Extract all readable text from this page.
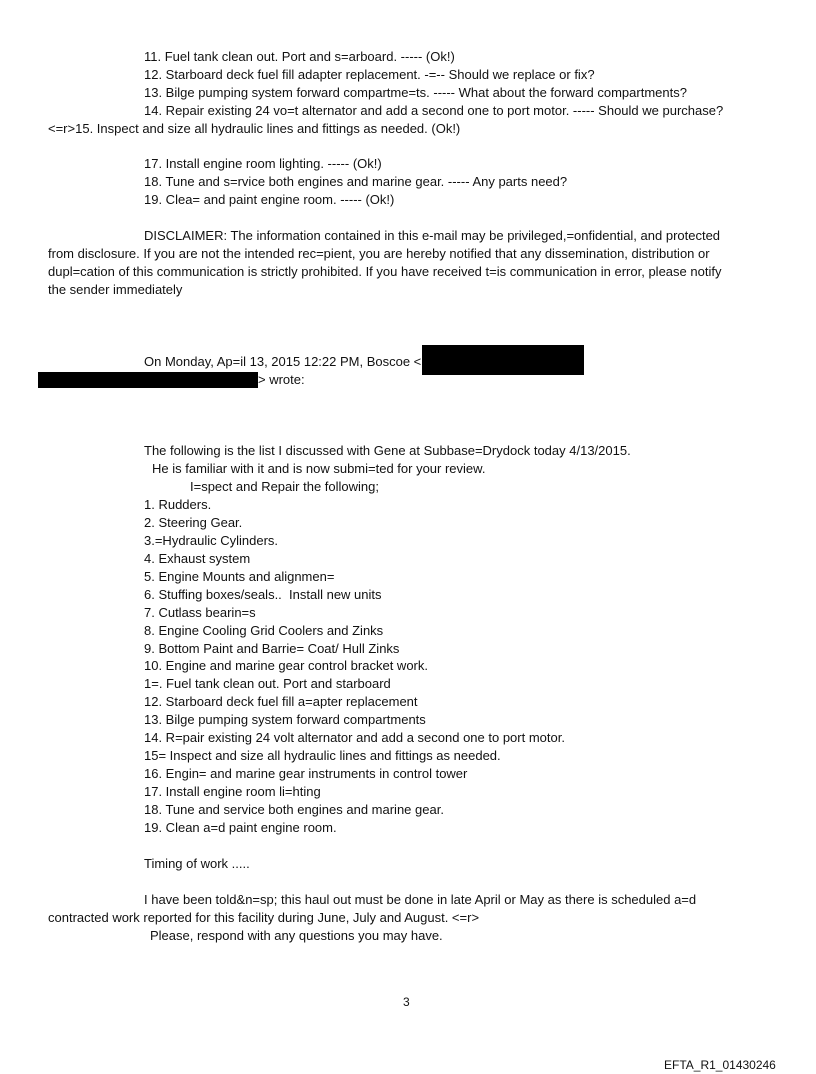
11. Fuel tank clean out. Port and s=arboard. ----- (Ok!)
12. Starboard deck fuel fill adapter replacement. -=-- Should we replace or fix?
13. Bilge pumping system forward compartme=ts. ----- What about the forward compartments?
14. Repair existing 24 vo=t alternator and add a second one to port motor. ----- Should we purchase?
<=r>15. Inspect and size all hydraulic lines and fittings as needed. (Ok!)
17. Install engine room lighting. ----- (Ok!)
18. Tune and s=rvice both engines and marine gear. ----- Any parts need?
19. Clea= and paint engine room. ----- (Ok!)
DISCLAIMER: The information contained in this e-mail may be privileged,=onfidential, and protected
from disclosure. If you are not the intended rec=pient, you are hereby notified that any dissemination, distribution or
dupl=cation of this communication is strictly prohibited. If you have received t=is communication in error, please notify
the sender immediately
On Monday, Ap=il 13, 2015 12:22 PM, Boscoe <
> wrote:
The following is the list I discussed with Gene at Subbase=Drydock today 4/13/2015.
He is familiar with it and is now submi=ted for your review.
I=spect and Repair the following;
1. Rudders.
2. Steering Gear.
3.=Hydraulic Cylinders.
4. Exhaust system
5. Engine Mounts and alignmen=
6. Stuffing boxes/seals..  Install new units
7. Cutlass bearin=s
8. Engine Cooling Grid Coolers and Zinks
9. Bottom Paint and Barrie= Coat/ Hull Zinks
10. Engine and marine gear control bracket work.
1=. Fuel tank clean out. Port and starboard
12. Starboard deck fuel fill a=apter replacement
13. Bilge pumping system forward compartments
14. R=pair existing 24 volt alternator and add a second one to port motor.
15= Inspect and size all hydraulic lines and fittings as needed.
16. Engin= and marine gear instruments in control tower
17. Install engine room li=hting
18. Tune and service both engines and marine gear.
19. Clean a=d paint engine room.
Timing of work .....
I have been told&n=sp; this haul out must be done in late April or May as there is scheduled a=d
contracted work reported for this facility during June, July and August. <=r>
Please, respond with any questions you may have.
3
EFTA_R1_01430246
